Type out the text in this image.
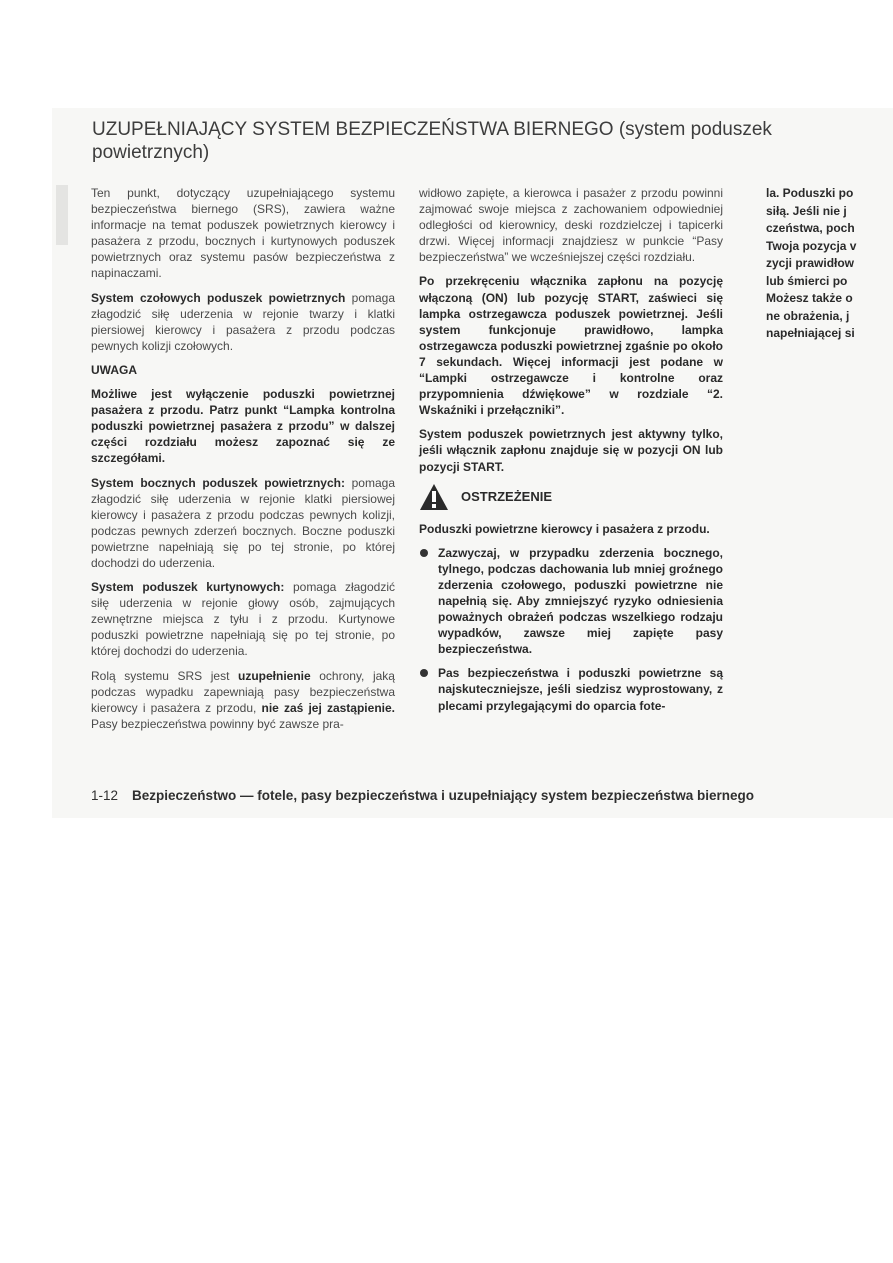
UZUPEŁNIAJĄCY SYSTEM BEZPIECZEŃSTWA BIERNEGO (system poduszek powietrznych)

Ten punkt, dotyczący uzupełniającego systemu bezpieczeństwa biernego (SRS), zawiera ważne informacje na temat poduszek powietrznych kierowcy i pasażera z przodu, bocznych i kurtynowych poduszek powietrznych oraz systemu pasów bezpieczeństwa z napinaczami.

System czołowych poduszek powietrznych pomaga złagodzić siłę uderzenia w rejonie twarzy i klatki piersiowej kierowcy i pasażera z przodu podczas pewnych kolizji czołowych.

UWAGA

Możliwe jest wyłączenie poduszki powietrznej pasażera z przodu. Patrz punkt “Lampka kontrolna poduszki powietrznej pasażera z przodu” w dalszej części rozdziału możesz zapoznać się ze szczegółami.

System bocznych poduszek powietrznych: pomaga złagodzić siłę uderzenia w rejonie klatki piersiowej kierowcy i pasażera z przodu podczas pewnych kolizji, podczas pewnych zderzeń bocznych. Boczne poduszki powietrzne napełniają się po tej stronie, po której dochodzi do uderzenia.

System poduszek kurtynowych: pomaga złagodzić siłę uderzenia w rejonie głowy osób, zajmujących zewnętrzne miejsca z tyłu i z przodu. Kurtynowe poduszki powietrzne napełniają się po tej stronie, po której dochodzi do uderzenia.

Rolą systemu SRS jest uzupełnienie ochrony, jaką podczas wypadku zapewniają pasy bezpieczeństwa kierowcy i pasażera z przodu, nie zaś jej zastąpienie. Pasy bezpieczeństwa powinny być zawsze pra-

widłowo zapięte, a kierowca i pasażer z przodu powinni zajmować swoje miejsca z zachowaniem odpowiedniej odległości od kierownicy, deski rozdzielczej i tapicerki drzwi. Więcej informacji znajdziesz w punkcie “Pasy bezpieczeństwa” we wcześniejszej części rozdziału.

Po przekręceniu włącznika zapłonu na pozycję włączoną (ON) lub pozycję START, zaświeci się lampka ostrzegawcza poduszek powietrznej. Jeśli system funkcjonuje prawidłowo, lampka ostrzegawcza poduszki powietrznej zgaśnie po około 7 sekundach. Więcej informacji jest podane w “Lampki ostrzegawcze i kontrolne oraz przypomnienia dźwiękowe” w rozdziale “2. Wskaźniki i przełączniki”.

System poduszek powietrznych jest aktywny tylko, jeśli włącznik zapłonu znajduje się w pozycji ON lub pozycji START.

OSTRZEŻENIE

Poduszki powietrzne kierowcy i pasażera z przodu.

Zazwyczaj, w przypadku zderzenia bocznego, tylnego, podczas dachowania lub mniej groźnego zderzenia czołowego, poduszki powietrzne nie napełnią się. Aby zmniejszyć ryzyko odniesienia poważnych obrażeń podczas wszelkiego rodzaju wypadków, zawsze miej zapięte pasy bezpieczeństwa.
Pas bezpieczeństwa i poduszki powietrzne są najskuteczniejsze, jeśli siedzisz wyprostowany, z plecami przylegającymi do oparcia fote-
la. Poduszki po
siłą. Jeśli nie j
czeństwa, poch
Twoja pozycja v
zycji prawidłow
lub śmierci po
Możesz także o
ne obrażenia, j
napełniającej si
1-12 Bezpieczeństwo — fotele, pasy bezpieczeństwa i uzupełniający system bezpieczeństwa biernego
